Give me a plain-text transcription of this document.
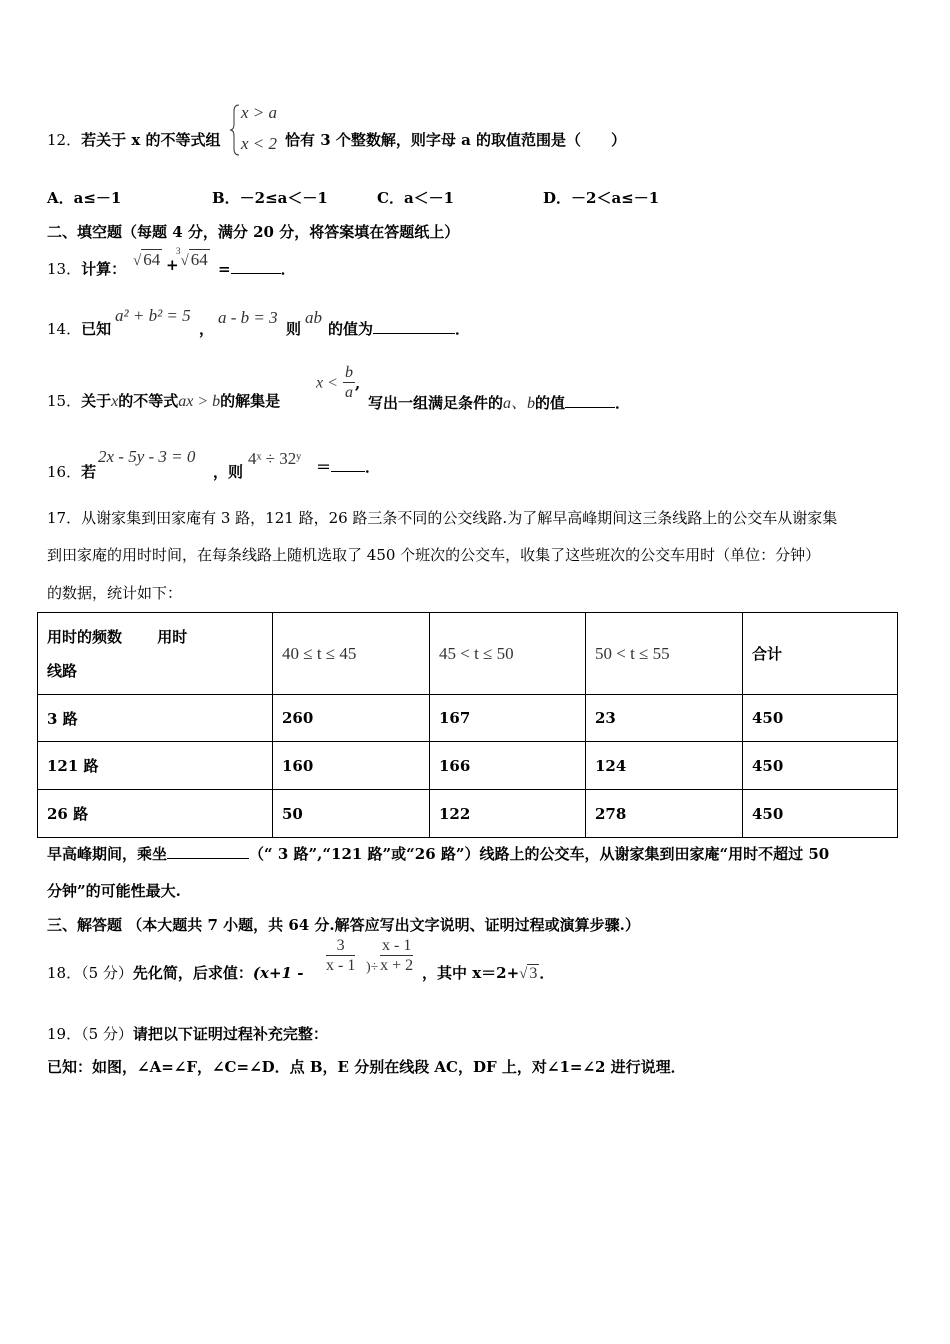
12．若关于 x 的不等式组
x > a
x < 2 恰有 3 个整数解，则字母 a 的取值范围是（　　）
A．a≤－1	B．－2≤a＜－1	C．a＜－1	D．－2＜a≤－1
二、填空题（每题 4 分，满分 20 分，将答案填在答题纸上）
13．计算： √ 64 +
$^3$√ 64 =	．
14．已知
a² + b² = 5
，
a - b = 3
则
ab
的值为	．
15．关于x的不等式ax > b的解集是
$x < \frac{b}{a}$ ,
写出一组满足条件的a、b的值	．
16．若
2x - 5y - 3 = 0
，则
4ˣ ÷ 32ʸ ＝ ．
17．从谢家集到田家庵有 3 路，121 路，26 路三条不同的公交线路.为了解早高峰期间这三条线路上的公交车从谢家集
到田家庵的用时时间，在每条线路上随机选取了 450 个班次的公交车，收集了这些班次的公交车用时（单位：分钟）
的数据，统计如下：
用时的频数　　 用时
线路	40 ≤ t ≤ 45	45 < t ≤ 50	50 < t ≤ 55	合计
3 路	260	167	23	450
121 路	160	166	124	450
26 路	50	122	278	450
早高峰期间，乘坐	（“ 3 路”,“121 路”或“26 路”）线路上的公交车，从谢家集到田家庵“用时不超过 50
分钟”的可能性最大.
三、解答题 （本大题共 7 小题，共 64 分.解答应写出文字说明、证明过程或演算步骤.）
18．（5 分）先化简，后求值：($x+1 - \frac{3}{x - 1}$ )÷ $\frac{x - 1}{x + 2}$ ，其中 x＝2+√ 3 ．
19．（5 分）请把以下证明过程补充完整：
已知：如图，∠A=∠F，∠C=∠D．点 B，E 分别在线段 AC，DF 上，对∠1=∠2 进行说理．
